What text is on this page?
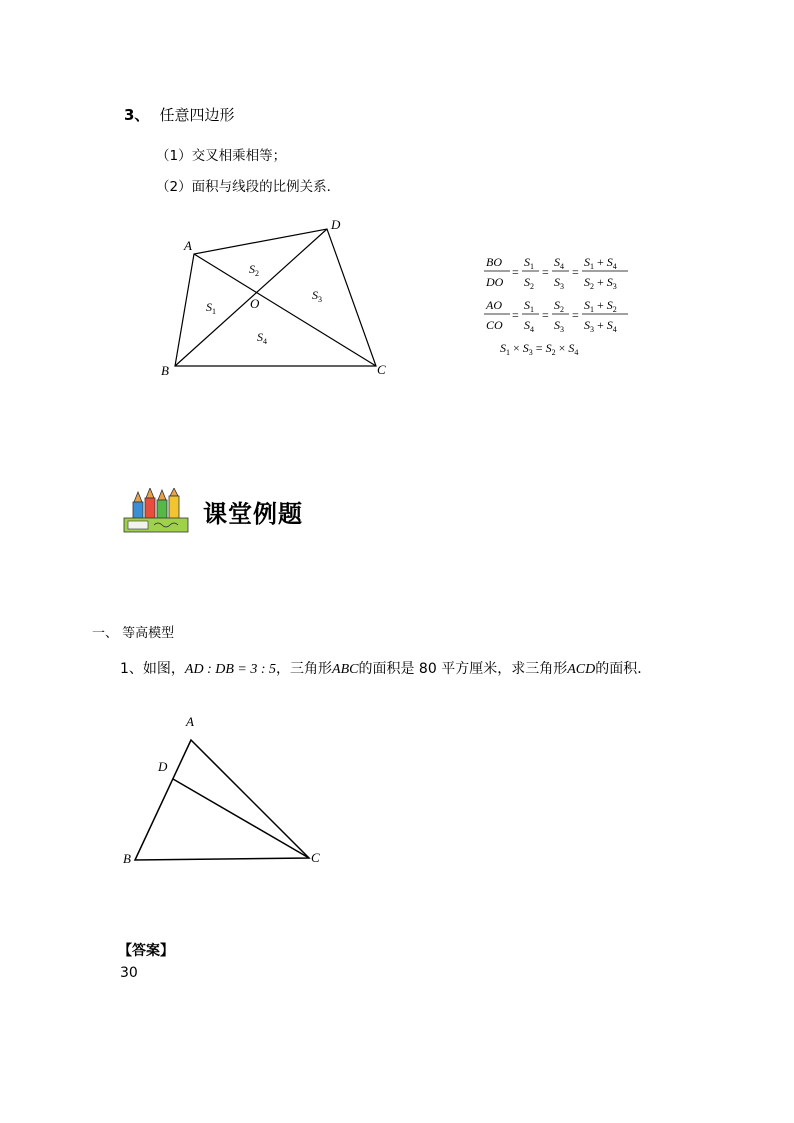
3、 任意四边形
（1）交叉相乘相等；
（2）面积与线段的比例关系．
A
B	C
D
O
$S_1$
$S_2$
$S_3$
$S_4$
BO
DO
=
$S_1$
$S_2$
=
$S_4$
$S_3$
=
$S_1 + S_4$
$S_2 + S_3$
AO
CO
=
$S_1$
$S_4$
=
$S_2$
$S_3$
=
$S_1 + S_2$
$S_3 + S_4$
$S_1 \times S_3 = S_2 \times S_4$
课堂例题
一、 等高模型
1、如图，AD : DB = 3 : 5，三角形ABC的面积是 80 平方厘米，求三角形ACD的面积．
A
D
B	C
【答案】
30
